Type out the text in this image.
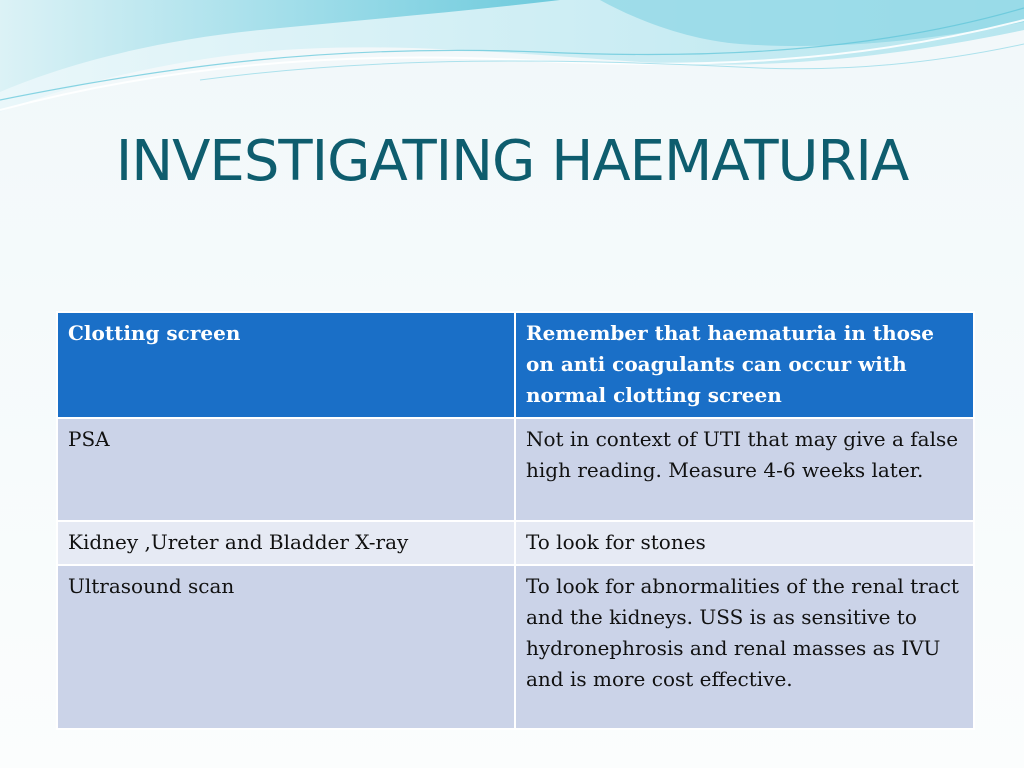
INVESTIGATING HAEMATURIA
Clotting screen	Remember that haematuria in those on anti coagulants can occur with normal clotting screen
PSA	Not in context of UTI that may give a false high reading. Measure 4-6 weeks later.
Kidney ,Ureter and Bladder X-ray	To look for stones
Ultrasound scan	To look for abnormalities of the renal tract and the kidneys. USS is as sensitive to hydronephrosis and renal masses as IVU and is more cost effective.
